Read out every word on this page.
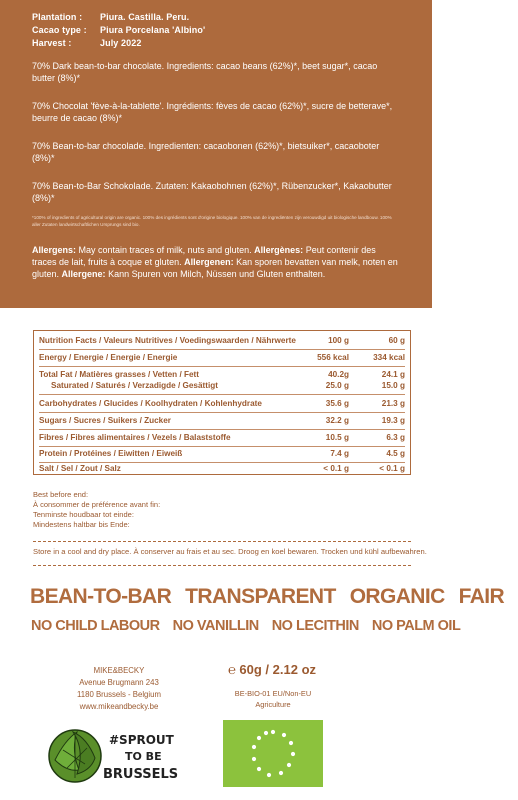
Plantation :	Piura. Castilla. Peru.
Cacao type :	Piura Porcelana 'Albino'
Harvest :	July 2022

70% Dark bean-to-bar chocolate. Ingredients: cacao beans (62%)*, beet sugar*, cacao butter (8%)*

70% Chocolat 'fève-à-la-tablette'. Ingrédients: fèves de cacao (62%)*, sucre de betterave*, beurre de cacao (8%)*

70% Bean-to-bar chocolade. Ingredienten: cacaobonen (62%)*, bietsuiker*, cacaoboter (8%)*

70% Bean-to-Bar Schokolade. Zutaten: Kakaobohnen (62%)*, Rübenzucker*, Kakaobutter (8%)*

*100% of ingredients of agricultural origin are organic. 100% des ingrédients sont d'origine biologique. 100% van de ingrediënten zijn verouwdigd uit biologische landbouw. 100% aller Zutaten landwirtschaftlichen Ursprungs sind bio.
Allergens: May contain traces of milk, nuts and gluten. Allergènes: Peut contenir des traces de lait, fruits à coque et gluten. Allergenen: Kan sporen bevatten van melk, noten en gluten. Allergene: Kann Spuren von Milch, Nüssen und Gluten enthalten.
Nutrition Facts / Valeurs Nutritives / Voedingswaarden / Nährwerte	100 g	60 g
Energy / Energie / Energie / Energie	556 kcal	334 kcal
Total Fat / Matières grasses / Vetten / Fett	40.2g	24.1 g
Saturated / Saturés / Verzadigde / Gesättigt	25.0 g	15.0 g
Carbohydrates / Glucides / Koolhydraten / Kohlenhydrate	35.6 g	21.3 g
Sugars / Sucres / Suikers / Zucker	32.2 g	19.3 g
Fibres / Fibres alimentaires / Vezels / Balaststoffe	10.5 g	6.3 g
Protein / Protéines / Eiwitten / Eiweiß	7.4 g	4.5 g
Salt / Sel / Zout / Salz	< 0.1 g	< 0.1 g
Best before end:
À consommer de préférence avant fin:
Tenminste houdbaar tot einde:
Mindestens haltbar bis Ende:
Store in a cool and dry place. À conserver au frais et au sec. Droog en koel bewaren. Trocken und kühl aufbewahren.
BEAN-TO-BAR TRANSPARENT ORGANIC FAIR
NO CHILD LABOUR NO VANILLIN NO LECITHIN NO PALM OIL
MIKE&BECKY
Avenue Brugmann 243
1180 Brussels - Belgium
www.mikeandbecky.be
℮ 60g / 2.12 oz
BE-BIO-01 EU/Non-EU
Agriculture
#SPROUT
TO BE
BRUSSELS
